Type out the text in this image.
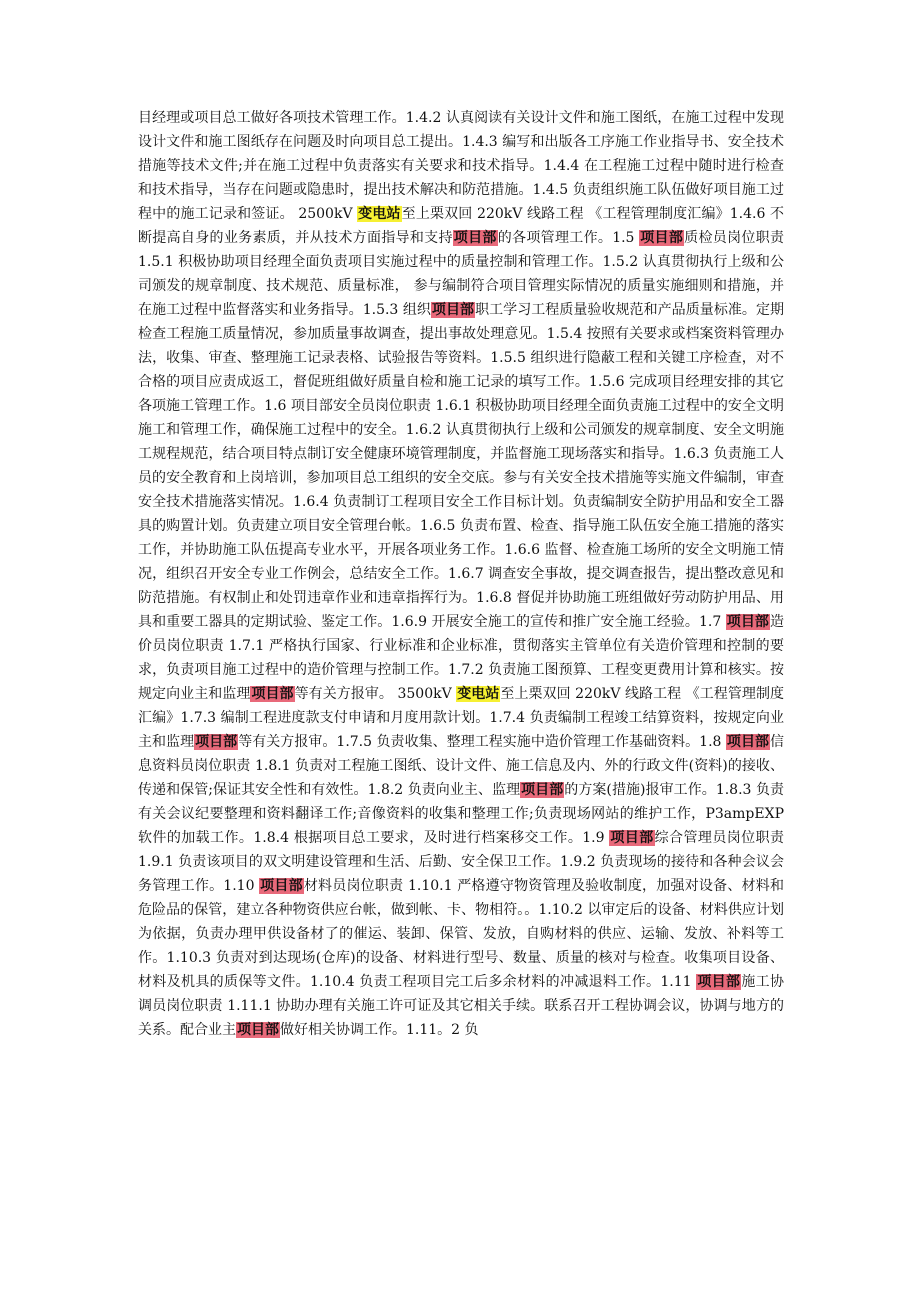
目经理或项目总工做好各项技术管理工作。1.4.2 认真阅读有关设计文件和施工图纸，在施工过程中发现设计文件和施工图纸存在问题及时向项目总工提出。1.4.3 编写和出版各工序施工作业指导书、安全技术措施等技术文件;并在施工过程中负责落实有关要求和技术指导。1.4.4 在工程施工过程中随时进行检查和技术指导，当存在问题或隐患时，提出技术解决和防范措施。1.4.5 负责组织施工队伍做好项目施工过程中的施工记录和签证。 2500kV 变电站至上栗双回 220kV 线路工程 《工程管理制度汇编》1.4.6 不断提高自身的业务素质，并从技术方面指导和支持项目部的各项管理工作。1.5 项目部质检员岗位职责 1.5.1 积极协助项目经理全面负责项目实施过程中的质量控制和管理工作。1.5.2 认真贯彻执行上级和公司颁发的规章制度、技术规范、质量标准， 参与编制符合项目管理实际情况的质量实施细则和措施，并在施工过程中监督落实和业务指导。1.5.3 组织项目部职工学习工程质量验收规范和产品质量标准。定期检查工程施工质量情况，参加质量事故调查，提出事故处理意见。1.5.4 按照有关要求或档案资料管理办法，收集、审查、整理施工记录表格、试验报告等资料。1.5.5 组织进行隐蔽工程和关键工序检查，对不合格的项目应责成返工，督促班组做好质量自检和施工记录的填写工作。1.5.6 完成项目经理安排的其它各项施工管理工作。1.6 项目部安全员岗位职责 1.6.1 积极协助项目经理全面负责施工过程中的安全文明施工和管理工作，确保施工过程中的安全。1.6.2 认真贯彻执行上级和公司颁发的规章制度、安全文明施工规程规范，结合项目特点制订安全健康环境管理制度，并监督施工现场落实和指导。1.6.3 负责施工人员的安全教育和上岗培训，参加项目总工组织的安全交底。参与有关安全技术措施等实施文件编制，审查安全技术措施落实情况。1.6.4 负责制订工程项目安全工作目标计划。负责编制安全防护用品和安全工器具的购置计划。负责建立项目安全管理台帐。1.6.5 负责布置、检查、指导施工队伍安全施工措施的落实工作，并协助施工队伍提高专业水平，开展各项业务工作。1.6.6 监督、检查施工场所的安全文明施工情况，组织召开安全专业工作例会，总结安全工作。1.6.7 调查安全事故，提交调查报告，提出整改意见和防范措施。有权制止和处罚违章作业和违章指挥行为。1.6.8 督促并协助施工班组做好劳动防护用品、用具和重要工器具的定期试验、鉴定工作。1.6.9 开展安全施工的宣传和推广安全施工经验。1.7 项目部造价员岗位职责 1.7.1 严格执行国家、行业标准和企业标准，贯彻落实主管单位有关造价管理和控制的要求，负责项目施工过程中的造价管理与控制工作。1.7.2 负责施工图预算、工程变更费用计算和核实。按规定向业主和监理项目部等有关方报审。 3500kV 变电站至上栗双回 220kV 线路工程 《工程管理制度汇编》1.7.3 编制工程进度款支付申请和月度用款计划。1.7.4 负责编制工程竣工结算资料，按规定向业主和监理项目部等有关方报审。1.7.5 负责收集、整理工程实施中造价管理工作基础资料。1.8 项目部信息资料员岗位职责 1.8.1 负责对工程施工图纸、设计文件、施工信息及内、外的行政文件(资料)的接收、传递和保管;保证其安全性和有效性。1.8.2 负责向业主、监理项目部的方案(措施)报审工作。1.8.3 负责有关会议纪要整理和资料翻译工作;音像资料的收集和整理工作;负责现场网站的维护工作，P3ampEXP 软件的加载工作。1.8.4 根据项目总工要求，及时进行档案移交工作。1.9 项目部综合管理员岗位职责 1.9.1 负责该项目的双文明建设管理和生活、后勤、安全保卫工作。1.9.2 负责现场的接待和各种会议会务管理工作。1.10 项目部材料员岗位职责 1.10.1 严格遵守物资管理及验收制度，加强对设备、材料和危险品的保管，建立各种物资供应台帐，做到帐、卡、物相符。。1.10.2 以审定后的设备、材料供应计划为依据，负责办理甲供设备材了的催运、装卸、保管、发放，自购材料的供应、运输、发放、补料等工作。1.10.3 负责对到达现场(仓库)的设备、材料进行型号、数量、质量的核对与检查。收集项目设备、材料及机具的质保等文件。1.10.4 负责工程项目完工后多余材料的冲减退料工作。1.11 项目部施工协调员岗位职责 1.11.1 协助办理有关施工许可证及其它相关手续。联系召开工程协调会议，协调与地方的关系。配合业主项目部做好相关协调工作。1.11。2 负
